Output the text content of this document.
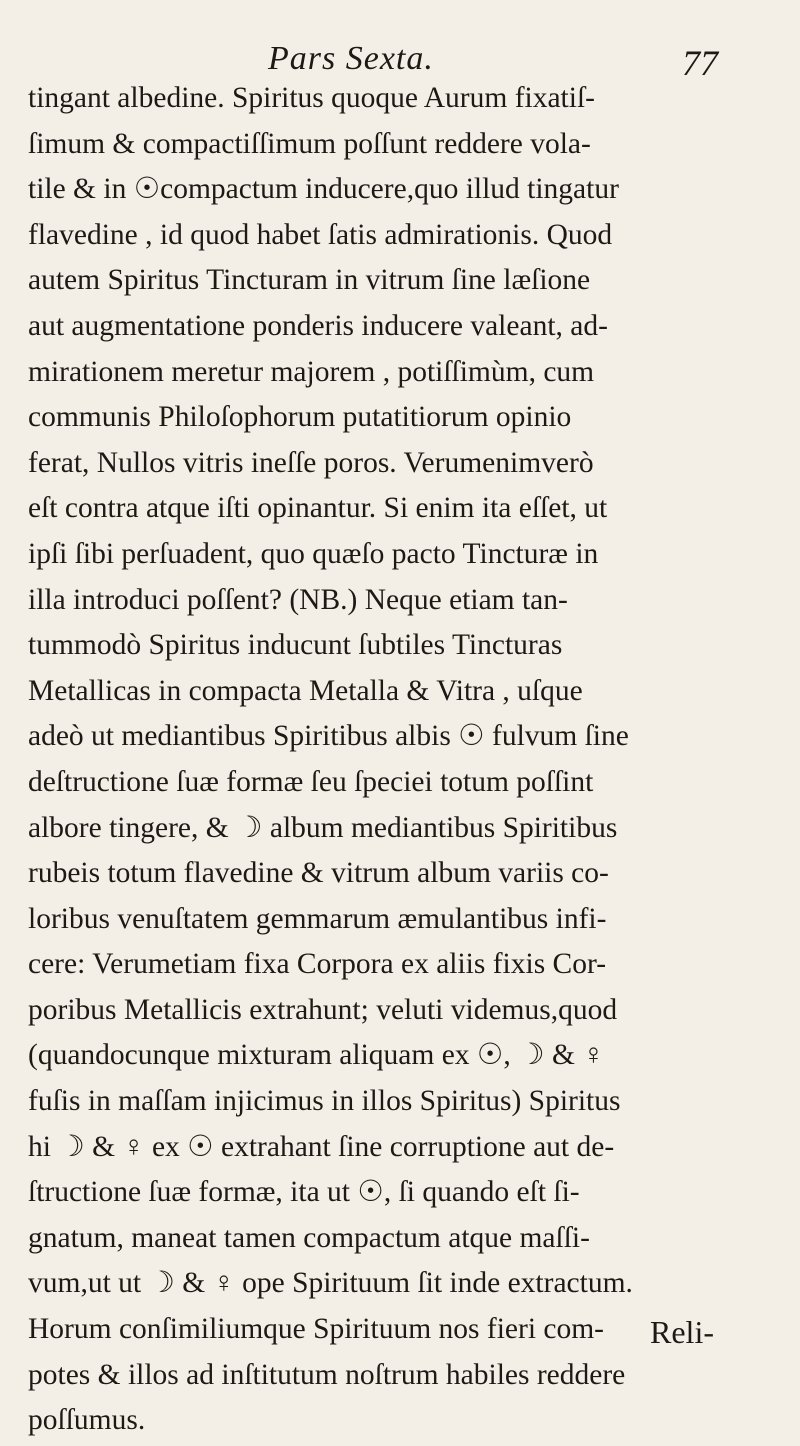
Pars Sexta.	77
tingant albedine. Spiritus quoque Aurum fixatiſ-
ſimum & compactiſſimum poſſunt reddere vola-
tile & in ☉compactum inducere,quo illud tingatur
flavedine , id quod habet ſatis admirationis. Quod
autem Spiritus Tincturam in vitrum ſine læſione
aut augmentatione ponderis inducere valeant, ad-
mirationem meretur majorem , potiſſimùm, cum
communis Philoſophorum putatitiorum opinio
ferat, Nullos vitris ineſſe poros. Verumenimverò
eſt contra atque iſti opinantur. Si enim ita eſſet, ut
ipſi ſibi perſuadent, quo quæſo pacto Tincturæ in
illa introduci poſſent? (NB.) Neque etiam tan-
tummodò Spiritus inducunt ſubtiles Tincturas
Metallicas in compacta Metalla & Vitra , uſque
adeò ut mediantibus Spiritibus albis ☉ fulvum ſine
deſtructione ſuæ formæ ſeu ſpeciei totum poſſint
albore tingere, & ☽ album mediantibus Spiritibus
rubeis totum flavedine & vitrum album variis co-
loribus venuſtatem gemmarum æmulantibus infi-
cere: Verumetiam fixa Corpora ex aliis fixis Cor-
poribus Metallicis extrahunt; veluti videmus,quod
(quandocunque mixturam aliquam ex ☉, ☽ & ♀
fuſis in maſſam injicimus in illos Spiritus) Spiritus
hi ☽ & ♀ ex ☉ extrahant ſine corruptione aut de-
ſtructione ſuæ formæ, ita ut ☉, ſi quando eſt ſi-
gnatum, maneat tamen compactum atque maſſi-
vum,ut ut ☽ & ♀ ope Spirituum ſit inde extractum.
Horum conſimiliumque Spirituum nos fieri com-
potes & illos ad inſtitutum noſtrum habiles reddere
poſſumus.
Reli-
